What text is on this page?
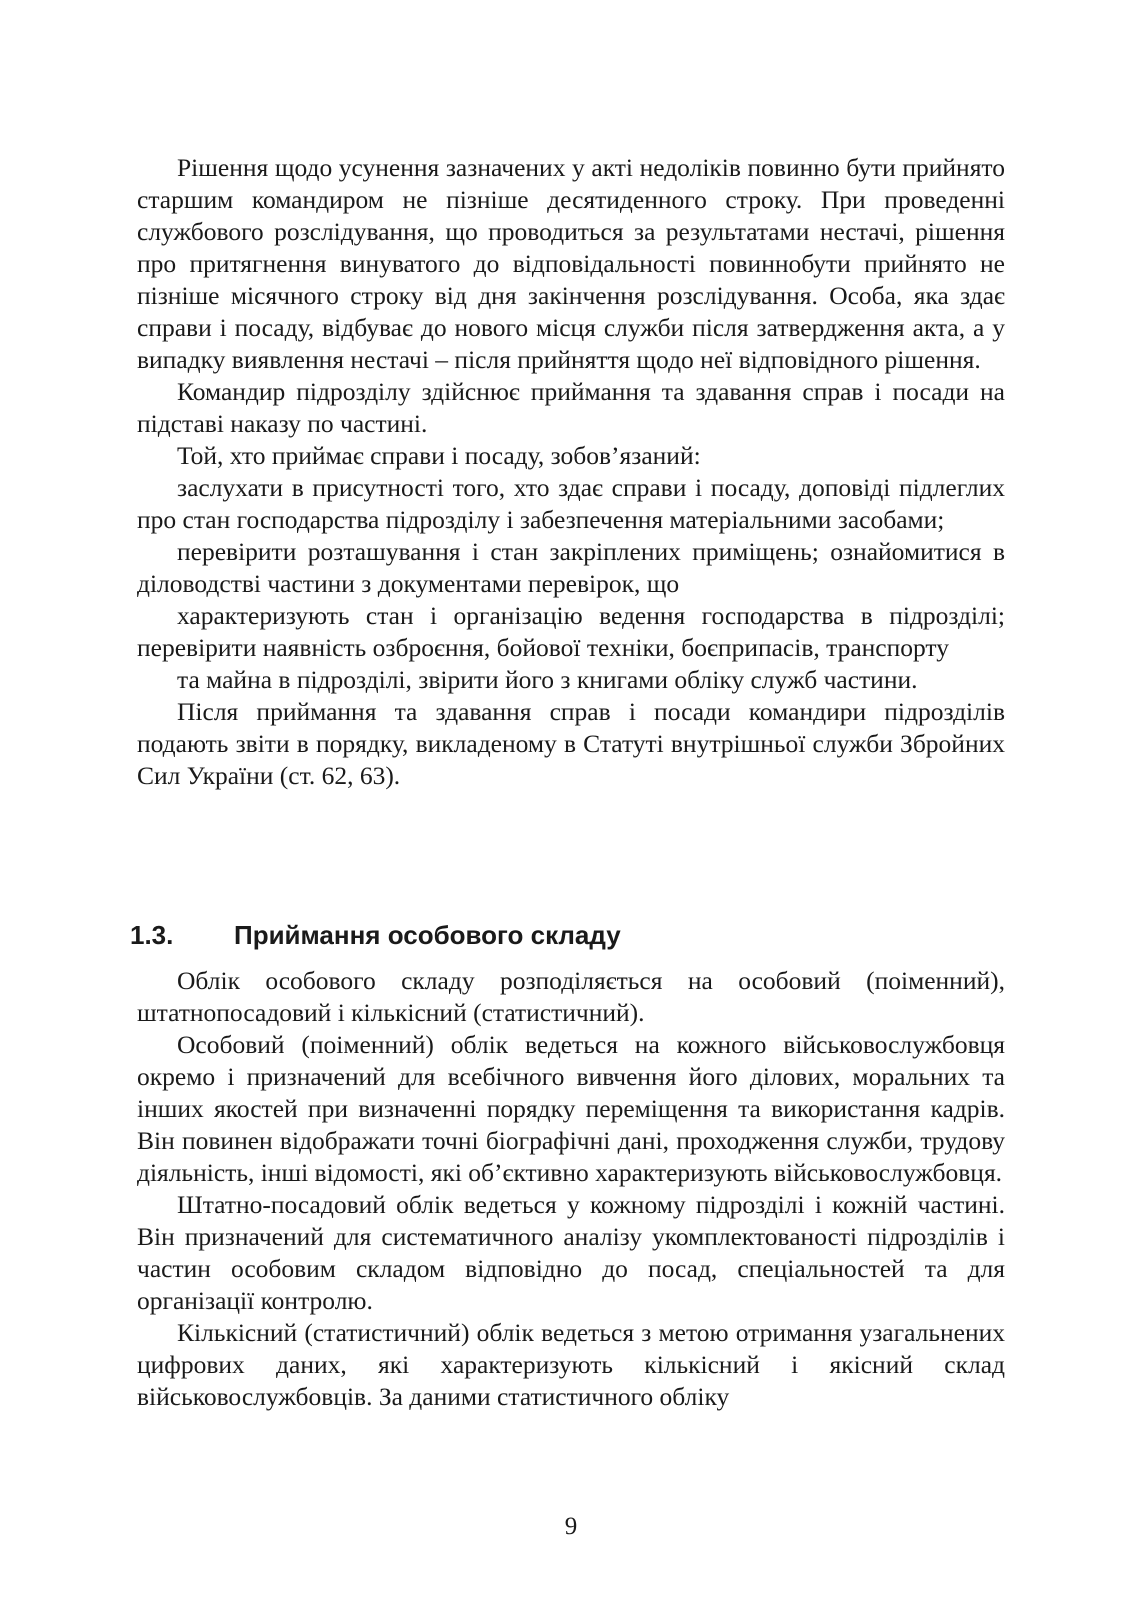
Рішення щодо усунення зазначених у акті недоліків повинно бути прийнято старшим командиром не пізніше десятиденного строку. При проведенні службового розслідування, що проводиться за результатами нестачі, рішення про притягнення винуватого до відповідальності повиннобути прийнято не пізніше місячного строку від дня закінчення розслідування. Особа, яка здає справи і посаду, відбуває до нового місця служби після затвердження акта, а у випадку виявлення нестачі – після прийняття щодо неї відповідного рішення.

Командир підрозділу здійснює приймання та здавання справ і посади на підставі наказу по частині.

Той, хто приймає справи і посаду, зобов’язаний:

заслухати в присутності того, хто здає справи і посаду, доповіді підлеглих про стан господарства підрозділу і забезпечення матеріальними засобами;

перевірити розташування і стан закріплених приміщень; ознайомитися в діловодстві частини з документами перевірок, що

характеризують стан і організацію ведення господарства в підрозділі; перевірити наявність озброєння, бойової техніки, боєприпасів, транспорту

та майна в підрозділі, звірити його з книгами обліку служб частини.

Після приймання та здавання справ і посади командири підрозділів подають звіти в порядку, викладеному в Статуті внутрішньої служби Збройних Сил України (ст. 62, 63).

1.3. Приймання особового складу

Облік особового складу розподіляється на особовий (поіменний), штатнопосадовий і кількісний (статистичний).

Особовий (поіменний) облік ведеться на кожного військовослужбовця окремо і призначений для всебічного вивчення його ділових, моральних та інших якостей при визначенні порядку переміщення та використання кадрів. Він повинен відображати точні біографічні дані, проходження служби, трудову діяльність, інші відомості, які об’єктивно характеризують військовослужбовця.

Штатно-посадовий облік ведеться у кожному підрозділі і кожній частині. Він призначений для систематичного аналізу укомплектованості підрозділів і частин особовим складом відповідно до посад, спеціальностей та для організації контролю.

Кількісний (статистичний) облік ведеться з метою отримання узагальнених цифрових даних, які характеризують кількісний і якісний склад військовослужбовців. За даними статистичного обліку

9
